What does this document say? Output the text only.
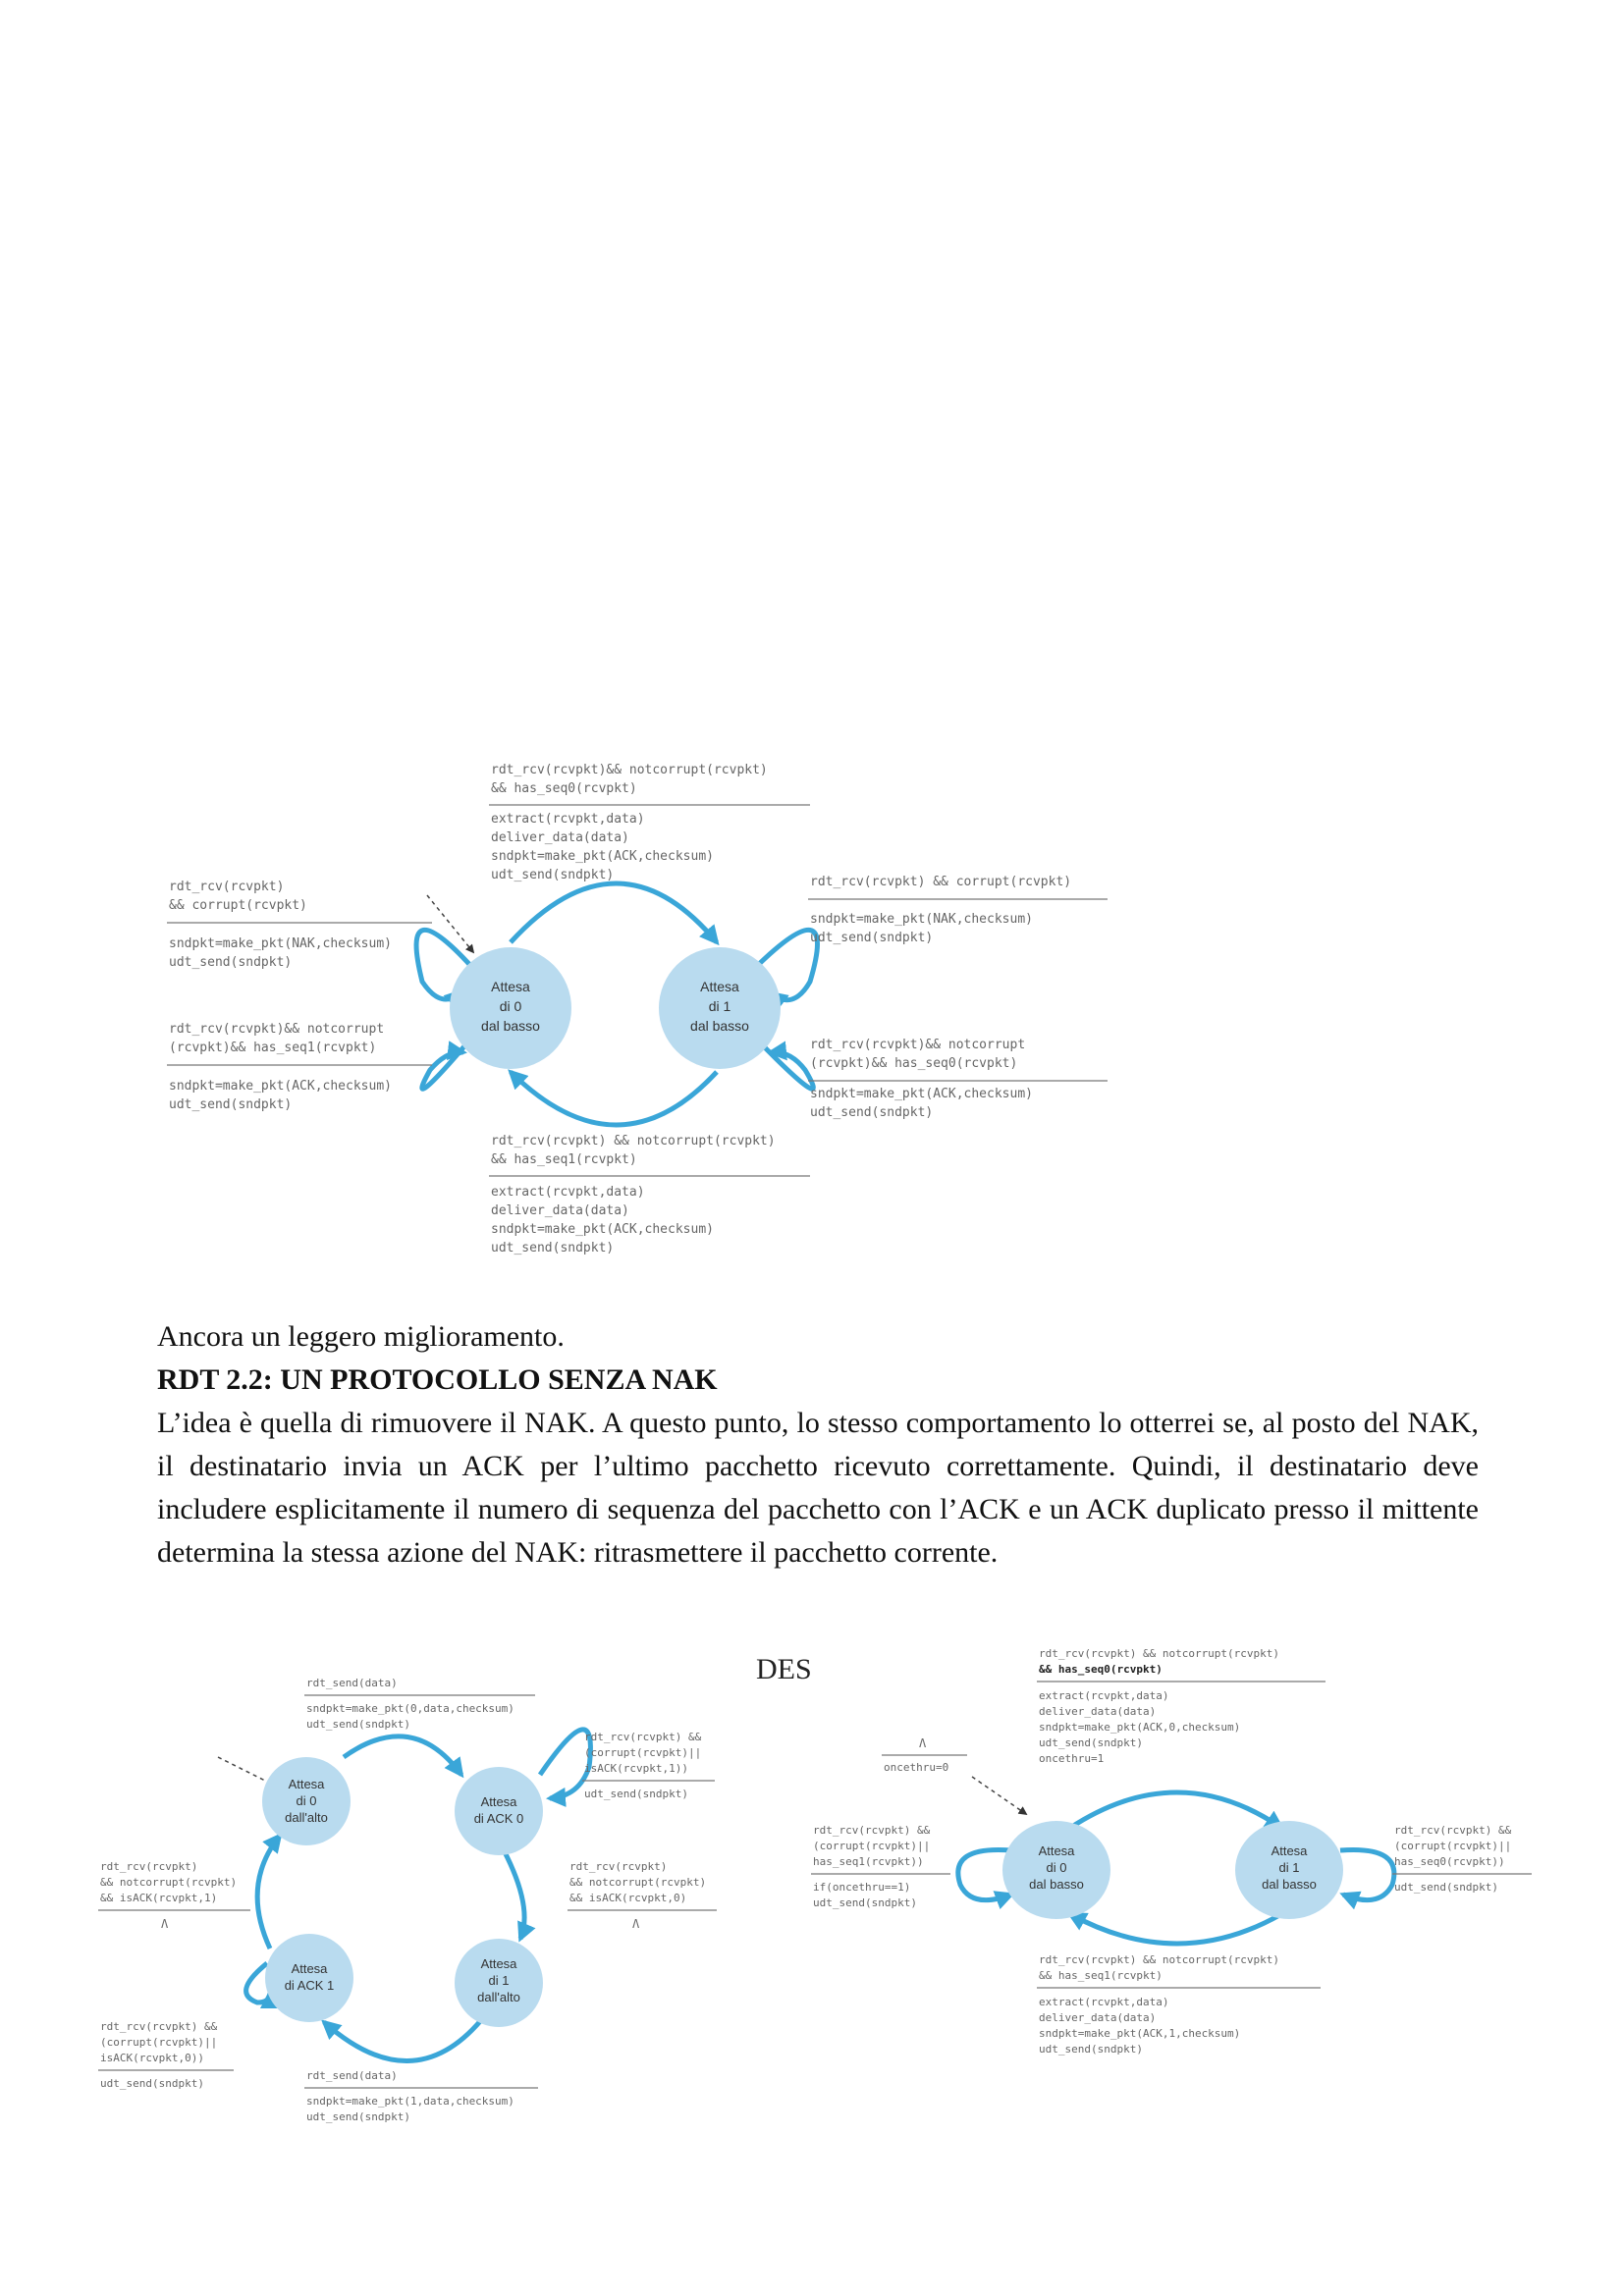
Attesa
di 0
dal basso
Attesa
di 1
dal basso
rdt_rcv(rcvpkt)&& notcorrupt(rcvpkt)
&& has_seq0(rcvpkt)
extract(rcvpkt,data)
deliver_data(data)
sndpkt=make_pkt(ACK,checksum)
udt_send(sndpkt)
rdt_rcv(rcvpkt)
&& corrupt(rcvpkt)
sndpkt=make_pkt(NAK,checksum)
udt_send(sndpkt)
rdt_rcv(rcvpkt)&& notcorrupt
(rcvpkt)&& has_seq1(rcvpkt)
sndpkt=make_pkt(ACK,checksum)
udt_send(sndpkt)
rdt_rcv(rcvpkt) && corrupt(rcvpkt)
sndpkt=make_pkt(NAK,checksum)
udt_send(sndpkt)
rdt_rcv(rcvpkt)&& notcorrupt
(rcvpkt)&& has_seq0(rcvpkt)
sndpkt=make_pkt(ACK,checksum)
udt_send(sndpkt)
rdt_rcv(rcvpkt) && notcorrupt(rcvpkt)
&& has_seq1(rcvpkt)
extract(rcvpkt,data)
deliver_data(data)
sndpkt=make_pkt(ACK,checksum)
udt_send(sndpkt)
Attesa
di 0
dall'alto
Attesa
di ACK 0
Attesa
di ACK 1
Attesa
di 1
dall'alto
rdt_send(data)
sndpkt=make_pkt(0,data,checksum)
udt_send(sndpkt)
rdt_rcv(rcvpkt) &&
(corrupt(rcvpkt)||
isACK(rcvpkt,1))
udt_send(sndpkt)
rdt_rcv(rcvpkt)
&& notcorrupt(rcvpkt)
&& isACK(rcvpkt,1)
Λ
rdt_rcv(rcvpkt)
&& notcorrupt(rcvpkt)
&& isACK(rcvpkt,0)
Λ
rdt_rcv(rcvpkt) &&
(corrupt(rcvpkt)||
isACK(rcvpkt,0))
udt_send(sndpkt)
rdt_send(data)
sndpkt=make_pkt(1,data,checksum)
udt_send(sndpkt)
Attesa
di 0
dal basso
Attesa
di 1
dal basso
rdt_rcv(rcvpkt) && notcorrupt(rcvpkt)
&& has_seq0(rcvpkt)
extract(rcvpkt,data)
deliver_data(data)
sndpkt=make_pkt(ACK,0,checksum)
udt_send(sndpkt)
oncethru=1
Λ
oncethru=0
rdt_rcv(rcvpkt) &&
(corrupt(rcvpkt)||
has_seq1(rcvpkt))
if(oncethru==1)
udt_send(sndpkt)
rdt_rcv(rcvpkt) &&
(corrupt(rcvpkt)||
has_seq0(rcvpkt))
udt_send(sndpkt)
rdt_rcv(rcvpkt) && notcorrupt(rcvpkt)
&& has_seq1(rcvpkt)
extract(rcvpkt,data)
deliver_data(data)
sndpkt=make_pkt(ACK,1,checksum)
udt_send(sndpkt)

Ancora un leggero miglioramento.

RDT 2.2: UN PROTOCOLLO SENZA NAK

L’idea è quella di rimuovere il NAK. A questo punto, lo stesso comportamento lo otterrei se, al posto del NAK, il destinatario invia un ACK per l’ultimo pacchetto ricevuto correttamente. Quindi, il destinatario deve includere esplicitamente il numero di sequenza del pacchetto con l’ACK e un ACK duplicato presso il mittente determina la stessa azione del NAK: ritrasmettere il pacchetto corrente.

DES
